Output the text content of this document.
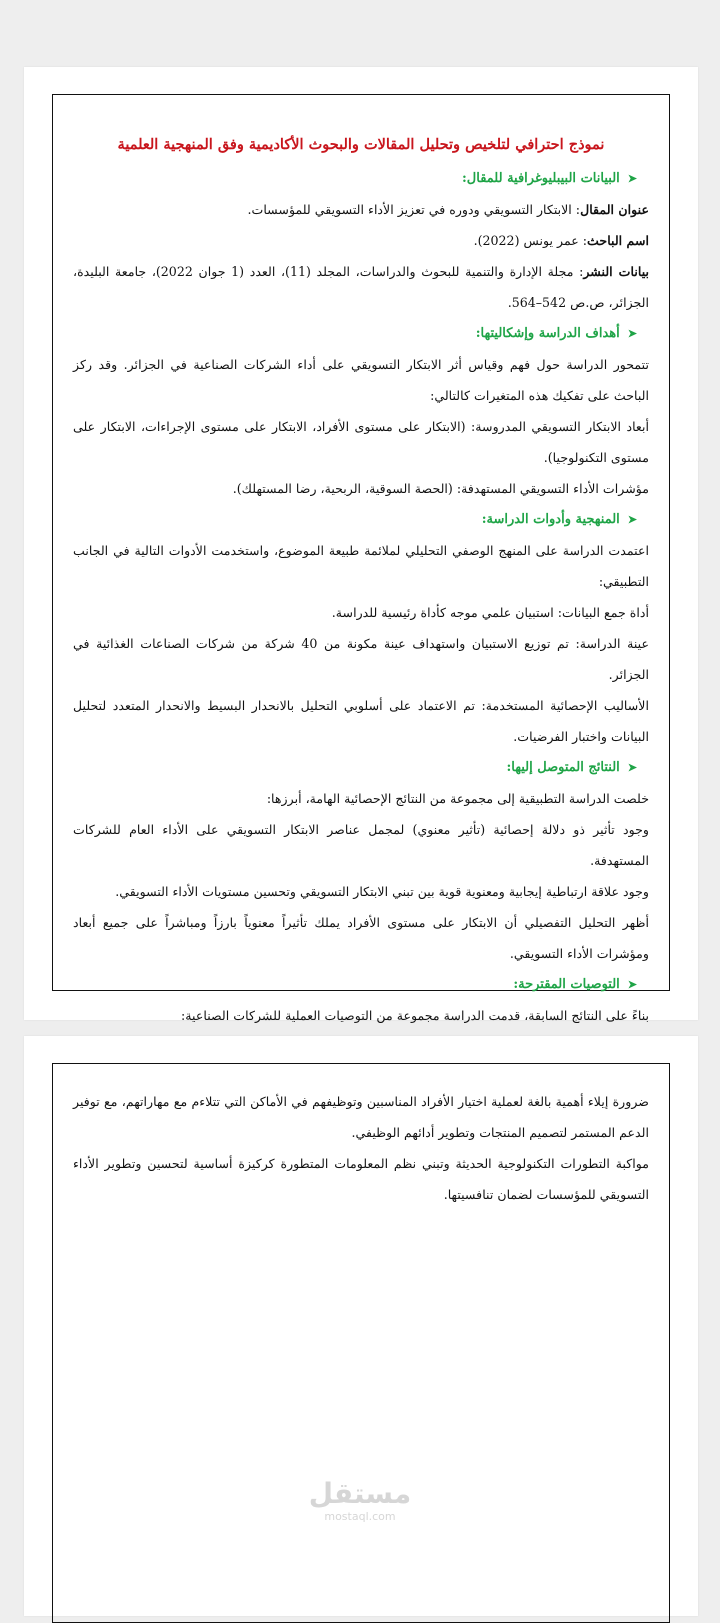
نموذج احترافي لتلخيص وتحليل المقالات والبحوث الأكاديمية وفق المنهجية العلمية
➤البيانات البيبليوغرافية للمقال:

عنوان المقال: الابتكار التسويقي ودوره في تعزيز الأداء التسويقي للمؤسسات.

اسم الباحث: عمر يونس (2022).

بيانات النشر: مجلة الإدارة والتنمية للبحوث والدراسات، المجلد (11)، العدد (1 جوان 2022)، جامعة البليدة، الجزائر، ص.ص 542–564.

➤أهداف الدراسة وإشكاليتها:

تتمحور الدراسة حول فهم وقياس أثر الابتكار التسويقي على أداء الشركات الصناعية في الجزائر. وقد ركز الباحث على تفكيك هذه المتغيرات كالتالي:

أبعاد الابتكار التسويقي المدروسة: (الابتكار على مستوى الأفراد، الابتكار على مستوى الإجراءات، الابتكار على مستوى التكنولوجيا).

مؤشرات الأداء التسويقي المستهدفة: (الحصة السوقية، الربحية، رضا المستهلك).

➤المنهجية وأدوات الدراسة:

اعتمدت الدراسة على المنهج الوصفي التحليلي لملائمة طبيعة الموضوع، واستخدمت الأدوات التالية في الجانب التطبيقي:

أداة جمع البيانات: استبيان علمي موجه كأداة رئيسية للدراسة.

عينة الدراسة: تم توزيع الاستبيان واستهداف عينة مكونة من 40 شركة من شركات الصناعات الغذائية في الجزائر.

الأساليب الإحصائية المستخدمة: تم الاعتماد على أسلوبي التحليل بالانحدار البسيط والانحدار المتعدد لتحليل البيانات واختبار الفرضيات.

➤النتائج المتوصل إليها:

خلصت الدراسة التطبيقية إلى مجموعة من النتائج الإحصائية الهامة، أبرزها:

وجود تأثير ذو دلالة إحصائية (تأثير معنوي) لمجمل عناصر الابتكار التسويقي على الأداء العام للشركات المستهدفة.

وجود علاقة ارتباطية إيجابية ومعنوية قوية بين تبني الابتكار التسويقي وتحسين مستويات الأداء التسويقي.

أظهر التحليل التفصيلي أن الابتكار على مستوى الأفراد يملك تأثيراً معنوياً بارزاً ومباشراً على جميع أبعاد ومؤشرات الأداء التسويقي.

➤التوصيات المقترحة:

بناءً على النتائج السابقة، قدمت الدراسة مجموعة من التوصيات العملية للشركات الصناعية:

ضرورة إيلاء أهمية بالغة لعملية اختيار الأفراد المناسبين وتوظيفهم في الأماكن التي تتلاءم مع مهاراتهم، مع توفير الدعم المستمر لتصميم المنتجات وتطوير أدائهم الوظيفي.

مواكبة التطورات التكنولوجية الحديثة وتبني نظم المعلومات المتطورة كركيزة أساسية لتحسين وتطوير الأداء التسويقي للمؤسسات لضمان تنافسيتها.

مستقل
mostaql.com
